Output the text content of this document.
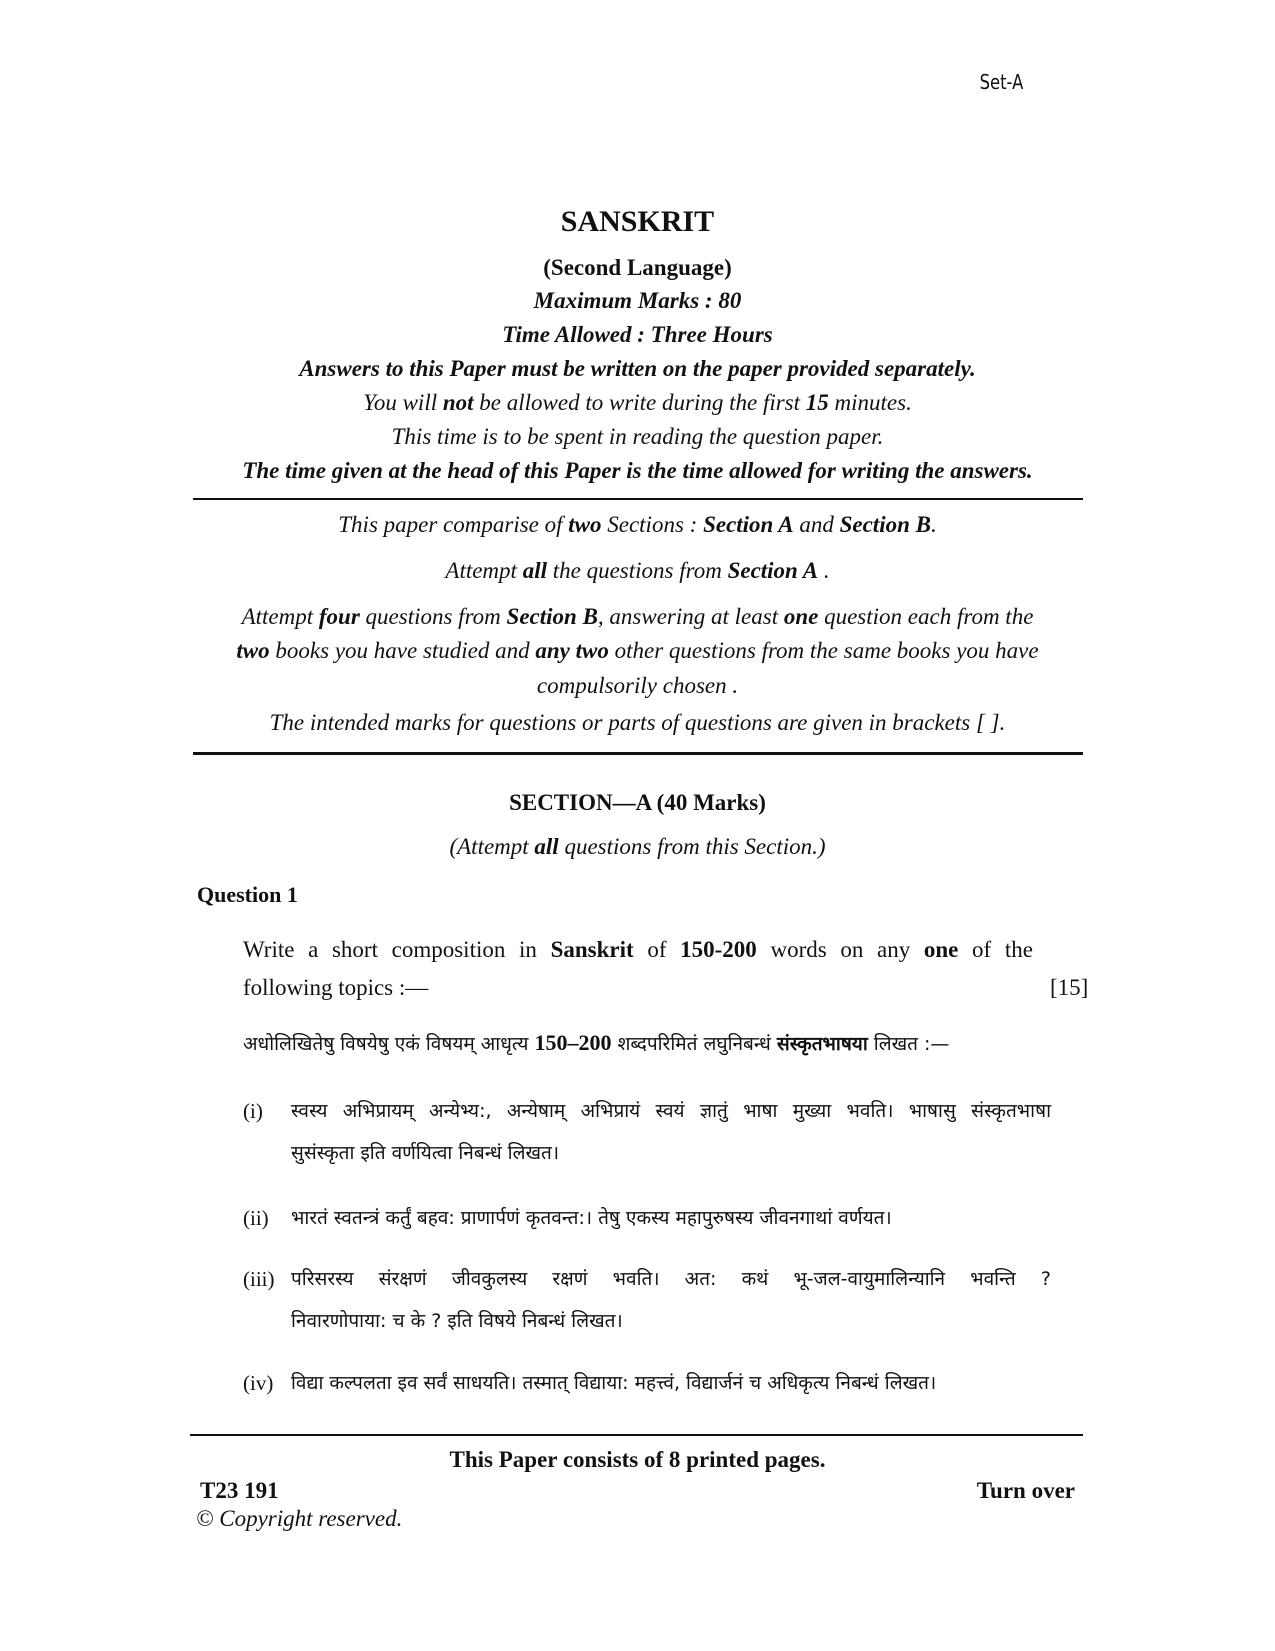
Set-A
SANSKRIT
(Second Language)
Maximum Marks : 80
Time Allowed : Three Hours
Answers to this Paper must be written on the paper provided separately.
You will not be allowed to write during the first 15 minutes.
This time is to be spent in reading the question paper.
The time given at the head of this Paper is the time allowed for writing the answers.
This paper comparise of two Sections : Section A and Section B.
Attempt all the questions from Section A .
Attempt four questions from Section B, answering at least one question each from the
two books you have studied and any two other questions from the same books you have
compulsorily chosen .
The intended marks for questions or parts of questions are given in brackets [ ].
SECTION—A (40 Marks)
(Attempt all questions from this Section.)
Question 1
Write a short composition in Sanskrit of 150-200 words on any one of the
following topics :—	[15]
अधोलिखितेषु विषयेषु एकं विषयम् आधृत्य 150–200 शब्दपरिमितं लघुनिबन्धं संस्कृतभाषया लिखत :—
(i) स्वस्य अभिप्रायम् अन्येभ्य:, अन्येषाम् अभिप्रायं स्वयं ज्ञातुं भाषा मुख्या भवति। भाषासु संस्कृतभाषा
सुसंस्कृता इति वर्णयित्वा निबन्धं लिखत।
(ii) भारतं स्वतन्त्रं कर्तुं बहव: प्राणार्पणं कृतवन्त:। तेषु एकस्य महापुरुषस्य जीवनगाथां वर्णयत।
(iii) परिसरस्य संरक्षणं जीवकुलस्य रक्षणं भवति। अत: कथं भू-जल-वायुमालिन्यानि भवन्ति ?
निवारणोपाया: च के ? इति विषये निबन्धं लिखत।
(iv) विद्या कल्पलता इव सर्वं साधयति। तस्मात् विद्याया: महत्त्वं, विद्यार्जनं च अधिकृत्य निबन्धं लिखत।
This Paper consists of 8 printed pages.
T23 191	Turn over
© Copyright reserved.
